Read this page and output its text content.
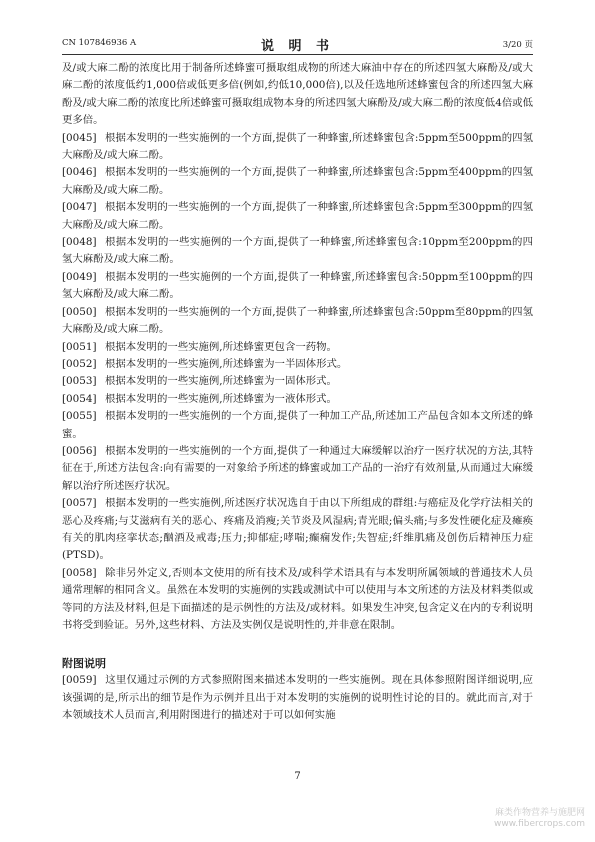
CN 107846936 A	说 明 书	3/20 页

及/或大麻二酚的浓度比用于制备所述蜂蜜可摄取组成物的所述大麻油中存在的所述四氢大麻酚及/或大麻二酚的浓度低约1,000倍或低更多倍(例如,约低10,000倍),以及任选地所述蜂蜜包含的所述四氢大麻酚及/或大麻二酚的浓度比所述蜂蜜可摄取组成物本身的所述四氢大麻酚及/或大麻二酚的浓度低4倍或低更多倍。

[0045] 根据本发明的一些实施例的一个方面,提供了一种蜂蜜,所述蜂蜜包含:5ppm至500ppm的四氢大麻酚及/或大麻二酚。

[0046] 根据本发明的一些实施例的一个方面,提供了一种蜂蜜,所述蜂蜜包含:5ppm至400ppm的四氢大麻酚及/或大麻二酚。

[0047] 根据本发明的一些实施例的一个方面,提供了一种蜂蜜,所述蜂蜜包含:5ppm至300ppm的四氢大麻酚及/或大麻二酚。

[0048] 根据本发明的一些实施例的一个方面,提供了一种蜂蜜,所述蜂蜜包含:10ppm至200ppm的四氢大麻酚及/或大麻二酚。

[0049] 根据本发明的一些实施例的一个方面,提供了一种蜂蜜,所述蜂蜜包含:50ppm至100ppm的四氢大麻酚及/或大麻二酚。

[0050] 根据本发明的一些实施例的一个方面,提供了一种蜂蜜,所述蜂蜜包含:50ppm至80ppm的四氢大麻酚及/或大麻二酚。

[0051] 根据本发明的一些实施例,所述蜂蜜更包含一药物。

[0052] 根据本发明的一些实施例,所述蜂蜜为一半固体形式。

[0053] 根据本发明的一些实施例,所述蜂蜜为一固体形式。

[0054] 根据本发明的一些实施例,所述蜂蜜为一液体形式。

[0055] 根据本发明的一些实施例的一个方面,提供了一种加工产品,所述加工产品包含如本文所述的蜂蜜。

[0056] 根据本发明的一些实施例的一个方面,提供了一种通过大麻缓解以治疗一医疗状况的方法,其特征在于,所述方法包含:向有需要的一对象给予所述的蜂蜜或加工产品的一治疗有效剂量,从而通过大麻缓解以治疗所述医疗状况。

[0057] 根据本发明的一些实施例,所述医疗状况选自于由以下所组成的群组:与癌症及化学疗法相关的恶心及疼痛;与艾滋病有关的恶心、疼痛及消瘦;关节炎及风湿病;青光眼;偏头痛;与多发性硬化症及瘫痪有关的肌肉痉挛状态;酗酒及戒毒;压力;抑郁症;哮喘;癫痫发作;失智症;纤维肌痛及创伤后精神压力症(PTSD)。

[0058] 除非另外定义,否则本文使用的所有技术及/或科学术语具有与本发明所属领域的普通技术人员通常理解的相同含义。虽然在本发明的实施例的实践或测试中可以使用与本文所述的方法及材料类似或等同的方法及材料,但是下面描述的是示例性的方法及/或材料。如果发生冲突,包含定义在内的专利说明书将受到验证。另外,这些材料、方法及实例仅是说明性的,并非意在限制。

附图说明

[0059] 这里仅通过示例的方式参照附图来描述本发明的一些实施例。现在具体参照附图详细说明,应该强调的是,所示出的细节是作为示例并且出于对本发明的实施例的说明性讨论的目的。就此而言,对于本领域技术人员而言,利用附图进行的描述对于可以如何实施

7
麻类作物营养与施肥网
www.fibercrops.com
